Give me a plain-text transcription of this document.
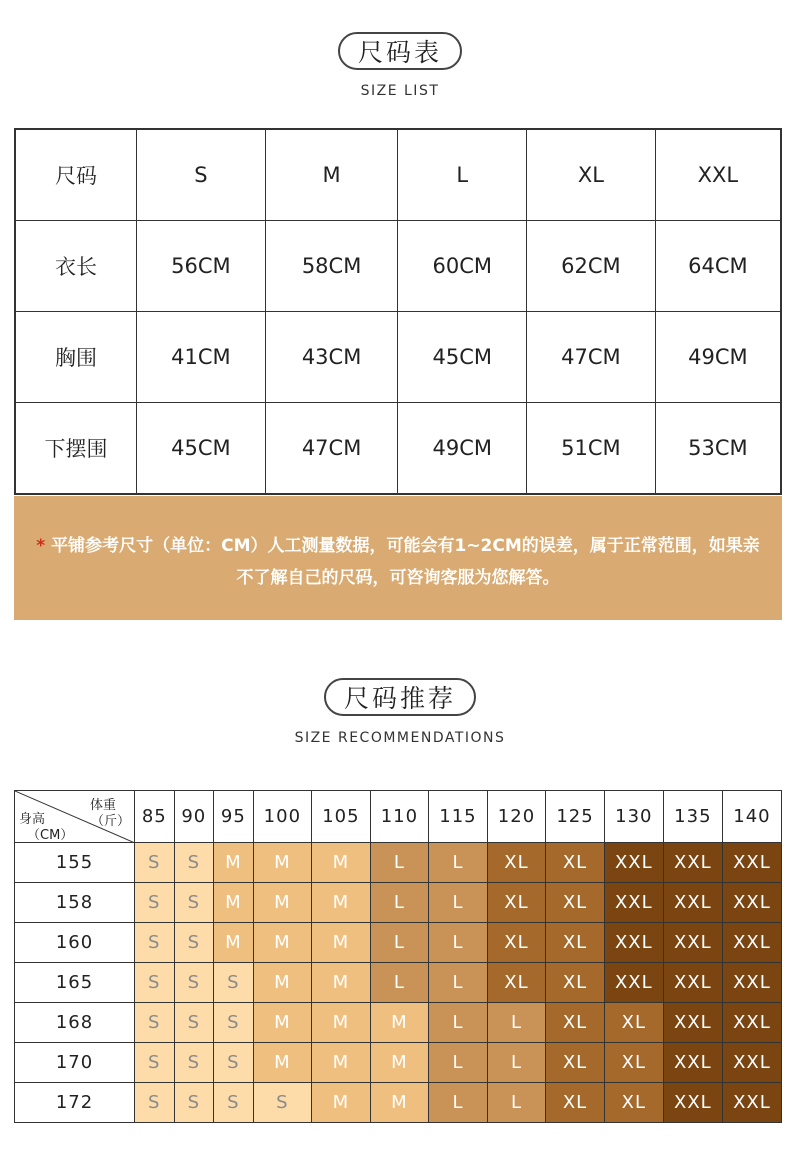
尺码表
SIZE LIST
尺码	S	M	L	XL	XXL
衣长	56CM	58CM	60CM	62CM	64CM
胸围	41CM	43CM	45CM	47CM	49CM
下摆围	45CM	47CM	49CM	51CM	53CM
* 平铺参考尺寸（单位：CM）人工测量数据，可能会有1~2CM的误差，属于正常范围，如果亲不了解自己的尺码，可咨询客服为您解答。
尺码推荐
SIZE RECOMMENDATIONS
体重
（斤）
身高
（CM）	85	90	95	100	105	110	115	120	125	130	135	140
155	S	S	M	M	M	L	L	XL	XL	XXL	XXL	XXL
158	S	S	M	M	M	L	L	XL	XL	XXL	XXL	XXL
160	S	S	M	M	M	L	L	XL	XL	XXL	XXL	XXL
165	S	S	S	M	M	L	L	XL	XL	XXL	XXL	XXL
168	S	S	S	M	M	M	L	L	XL	XL	XXL	XXL
170	S	S	S	M	M	M	L	L	XL	XL	XXL	XXL
172	S	S	S	S	M	M	L	L	XL	XL	XXL	XXL
